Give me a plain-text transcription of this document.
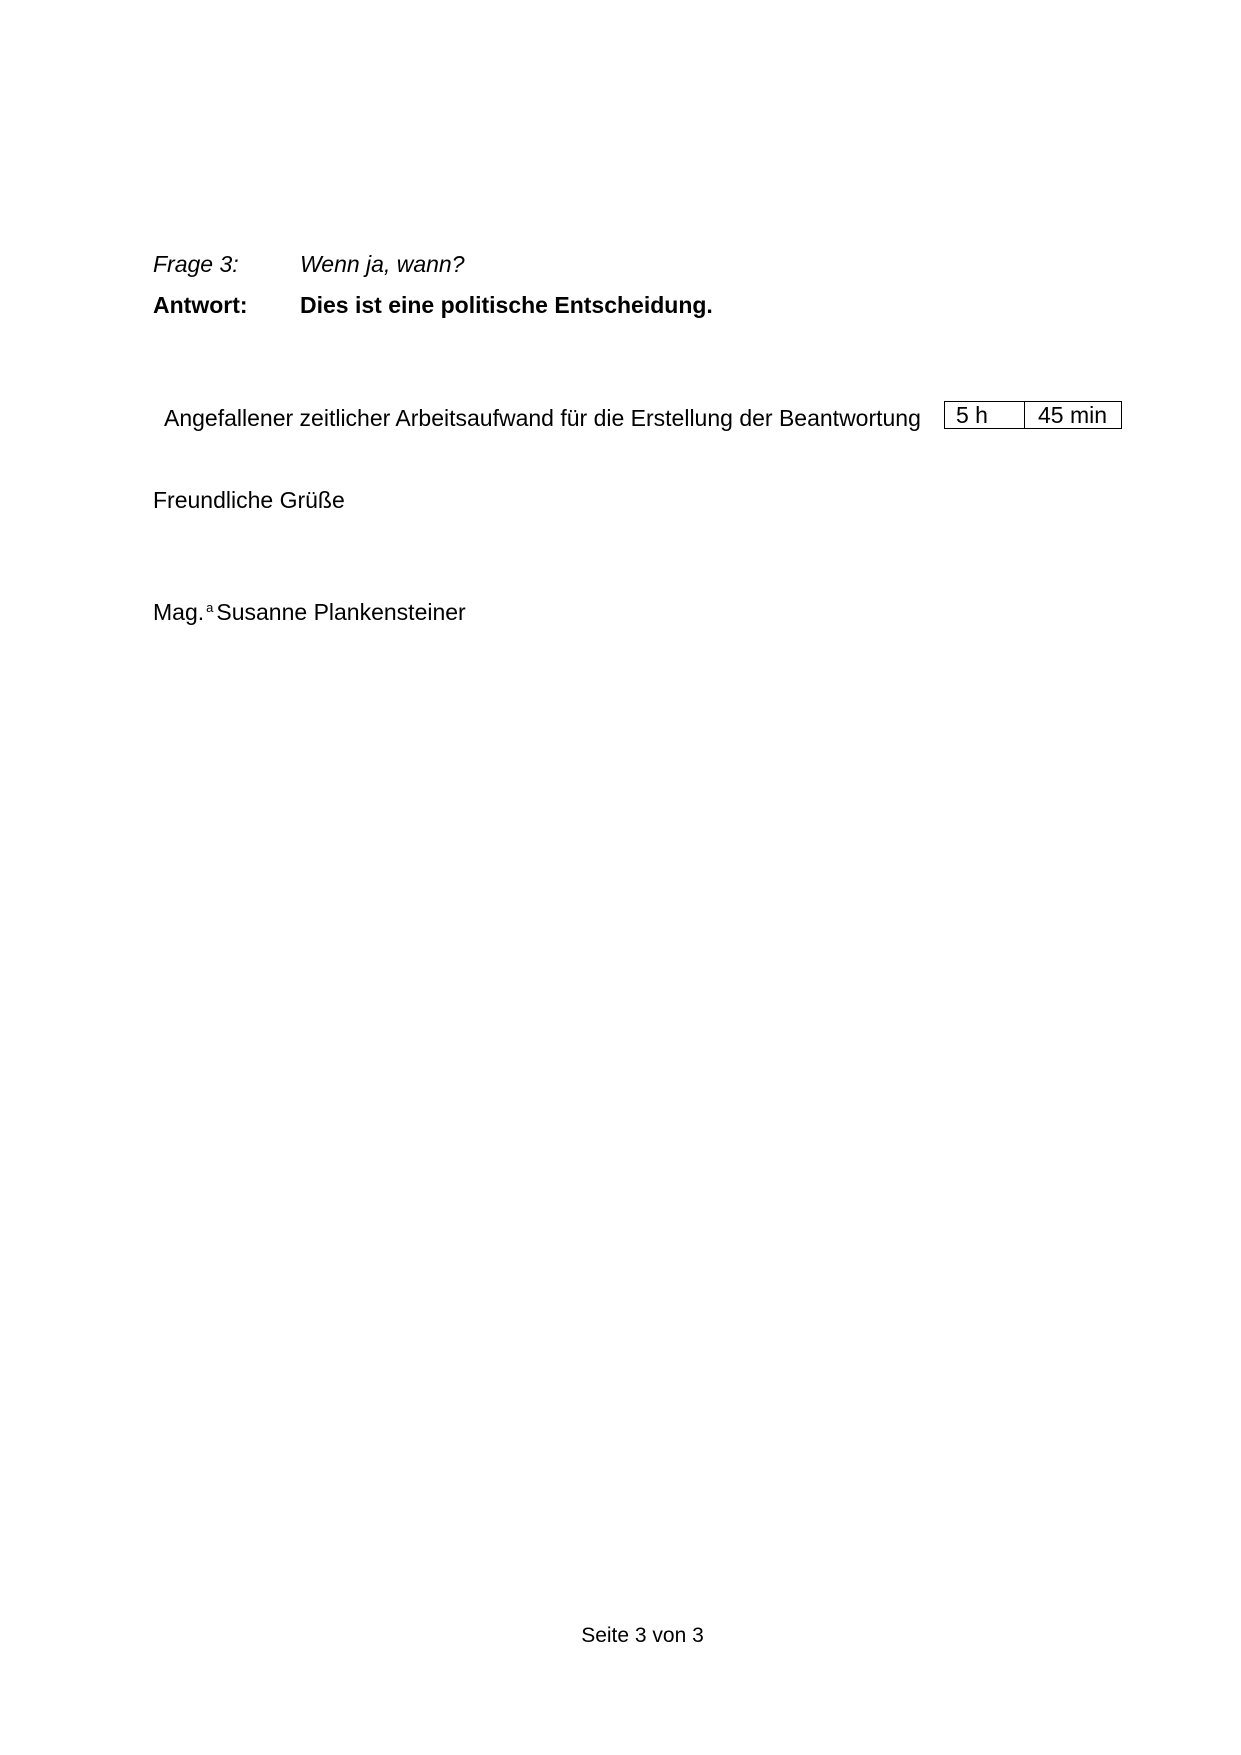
Frage 3:	Wenn ja, wann?
Antwort: Dies ist eine politische Entscheidung.
Angefallener zeitlicher Arbeitsaufwand für die Erstellung der Beantwortung	5 h	45 min
Freundliche Grüße
Mag. $^a$ Susanne Plankensteiner
Seite 3 von 3
